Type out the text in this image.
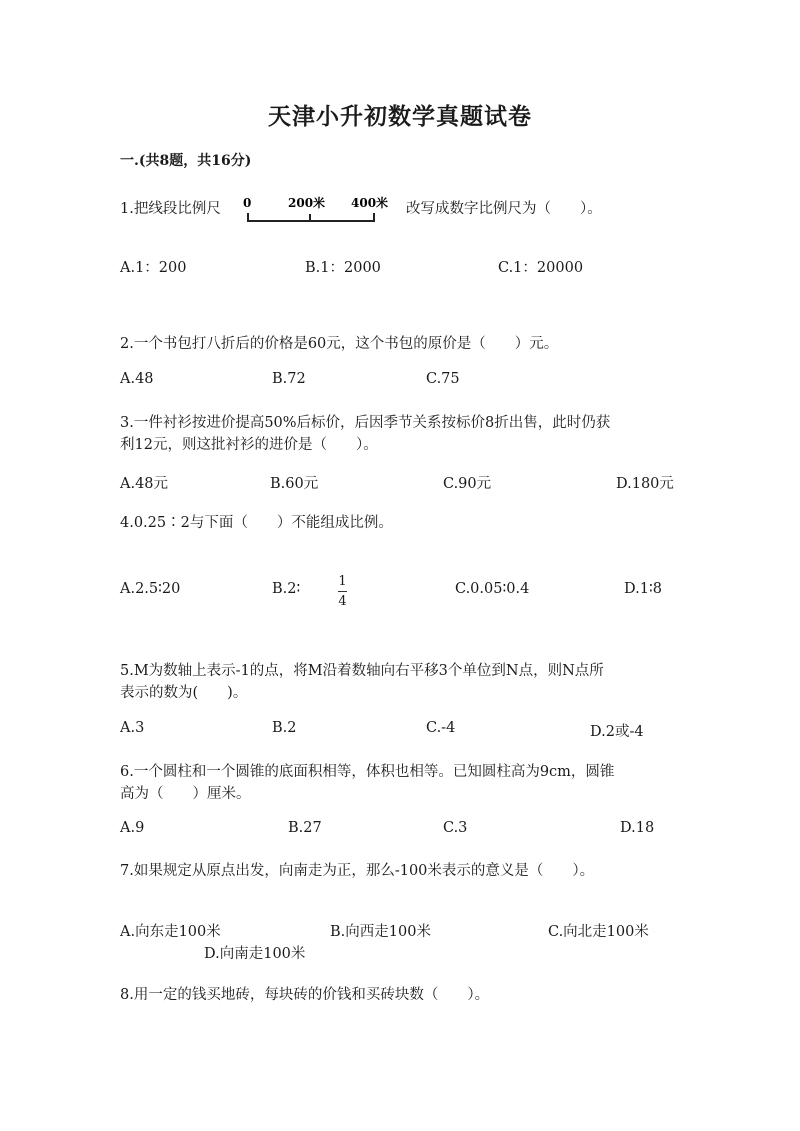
天津小升初数学真题试卷
一.(共8题，共16分)
1.把线段比例尺 0	200米 400米 改写成数字比例尺为（　　）。
A.1：200	B.1：2000	C.1：20000
2.一个书包打八折后的价格是60元，这个书包的原价是（　　）元。
A.48	B.72	C.75
3.一件衬衫按进价提高50%后标价，后因季节关系按标价8折出售，此时仍获
利12元，则这批衬衫的进价是（　　）。
A.48元	B.60元	C.90元	D.180元
4.0.25∶2与下面（　　）不能组成比例。
A.2.5∶20	B.2∶	1
4
C.0.05∶0.4	D.1∶8
5.M为数轴上表示-1的点，将M沿着数轴向右平移3个单位到N点，则N点所
表示的数为(　　)。
A.3	B.2	C.-4	D.2或-4
6.一个圆柱和一个圆锥的底面积相等，体积也相等。已知圆柱高为9cm，圆锥
高为（　　）厘米。
A.9	B.27	C.3	D.18
7.如果规定从原点出发，向南走为正，那么-100米表示的意义是（　　）。
A.向东走100米	B.向西走100米	C.向北走100米
D.向南走100米
8.用一定的钱买地砖，每块砖的价钱和买砖块数（　　）。
